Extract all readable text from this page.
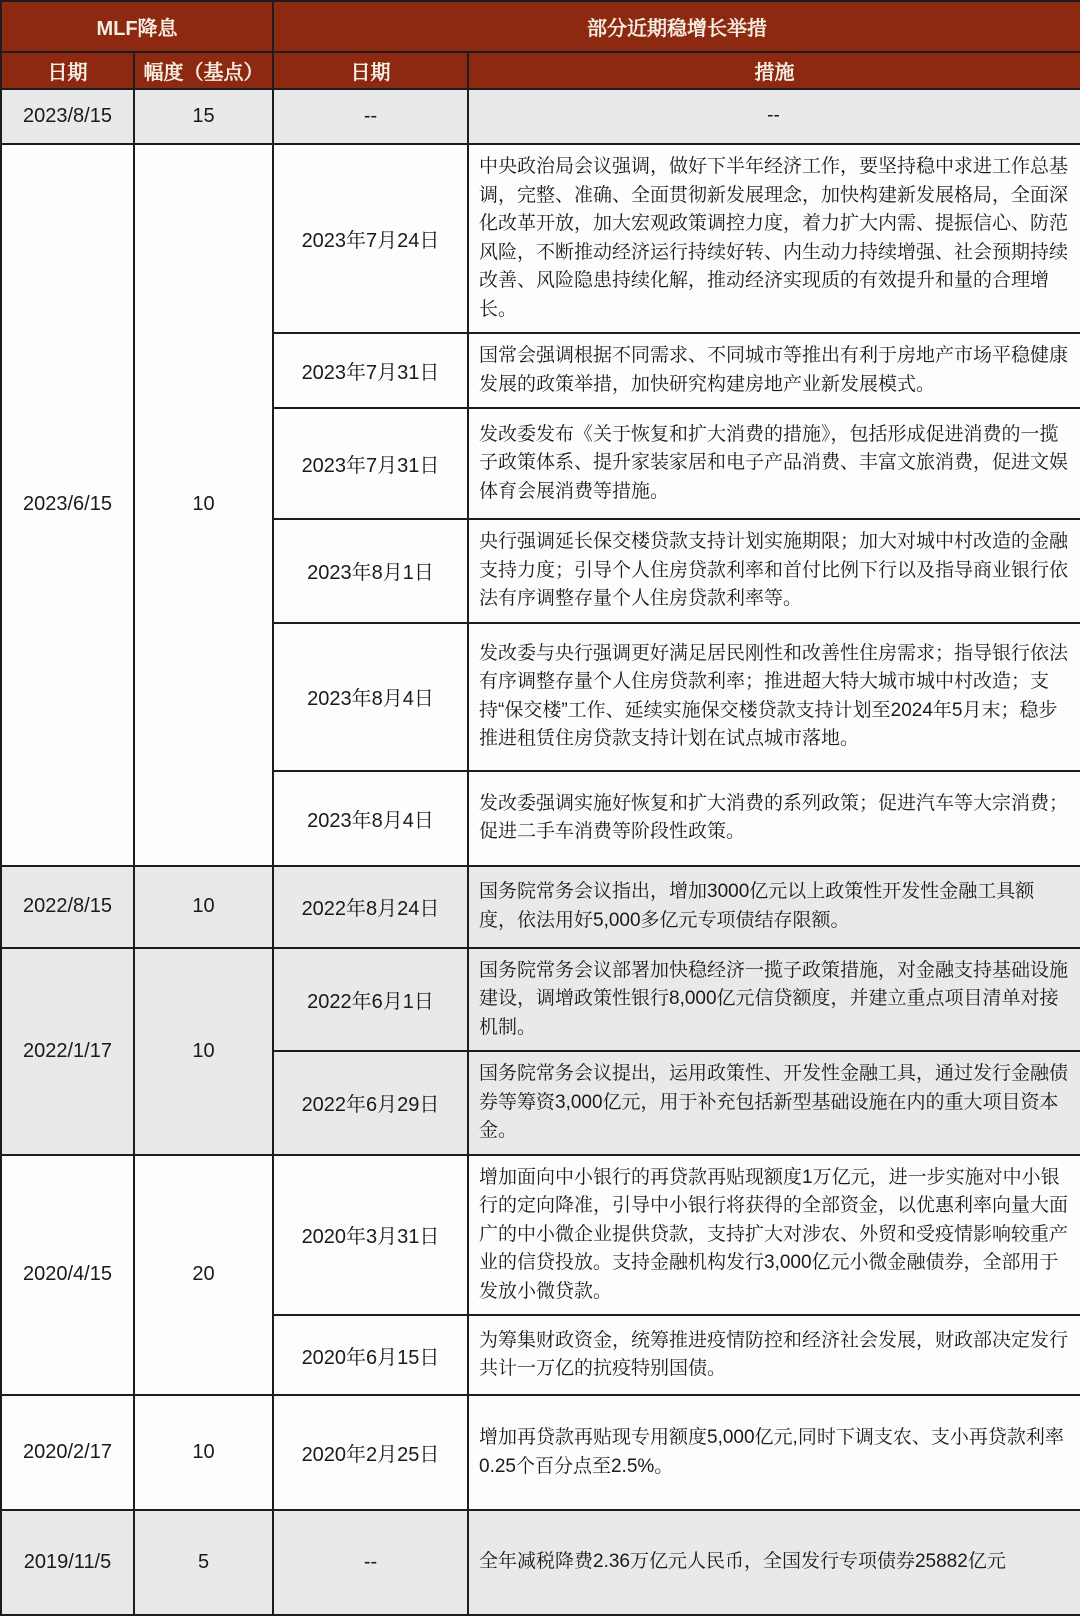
MLF降息		部分近期稳增长举措	
日期	幅度（基点）	日期	措施
2023/8/15	15	--	--
2023/6/15	10	2023年7月24日	中央政治局会议强调，做好下半年经济工作，要坚持稳中求进工作总基调，完整、准确、全面贯彻新发展理念，加快构建新发展格局，全面深化改革开放，加大宏观政策调控力度，着力扩大内需、提振信心、防范风险，不断推动经济运行持续好转、内生动力持续增强、社会预期持续改善、风险隐患持续化解，推动经济实现质的有效提升和量的合理增长。
		2023年7月31日	国常会强调根据不同需求、不同城市等推出有利于房地产市场平稳健康发展的政策举措，加快研究构建房地产业新发展模式。
		2023年7月31日	发改委发布《关于恢复和扩大消费的措施》，包括形成促进消费的一揽子政策体系、提升家装家居和电子产品消费、丰富文旅消费，促进文娱体育会展消费等措施。
		2023年8月1日	央行强调延长保交楼贷款支持计划实施期限；加大对城中村改造的金融支持力度；引导个人住房贷款利率和首付比例下行以及指导商业银行依法有序调整存量个人住房贷款利率等。
		2023年8月4日	发改委与央行强调更好满足居民刚性和改善性住房需求；指导银行依法有序调整存量个人住房贷款利率；推进超大特大城市城中村改造；支持“保交楼”工作、延续实施保交楼贷款支持计划至2024年5月末；稳步推进租赁住房贷款支持计划在试点城市落地。
		2023年8月4日	发改委强调实施好恢复和扩大消费的系列政策；促进汽车等大宗消费；促进二手车消费等阶段性政策。
2022/8/15	10	2022年8月24日	国务院常务会议指出，增加3000亿元以上政策性开发性金融工具额度，依法用好5,000多亿元专项债结存限额。
2022/1/17	10	2022年6月1日	国务院常务会议部署加快稳经济一揽子政策措施，对金融支持基础设施建设，调增政策性银行8,000亿元信贷额度，并建立重点项目清单对接机制。
		2022年6月29日	国务院常务会议提出，运用政策性、开发性金融工具，通过发行金融债券等筹资3,000亿元，用于补充包括新型基础设施在内的重大项目资本金。
2020/4/15	20	2020年3月31日	增加面向中小银行的再贷款再贴现额度1万亿元，进一步实施对中小银行的定向降准，引导中小银行将获得的全部资金，以优惠利率向量大面广的中小微企业提供贷款，支持扩大对涉农、外贸和受疫情影响较重产业的信贷投放。支持金融机构发行3,000亿元小微金融债券，全部用于发放小微贷款。
		2020年6月15日	为筹集财政资金，统筹推进疫情防控和经济社会发展，财政部决定发行共计一万亿的抗疫特别国债。
2020/2/17	10	2020年2月25日	增加再贷款再贴现专用额度5,000亿元,同时下调支农、支小再贷款利率0.25个百分点至2.5%。
2019/11/5	5	--	全年减税降费2.36万亿元人民币，全国发行专项债券25882亿元
